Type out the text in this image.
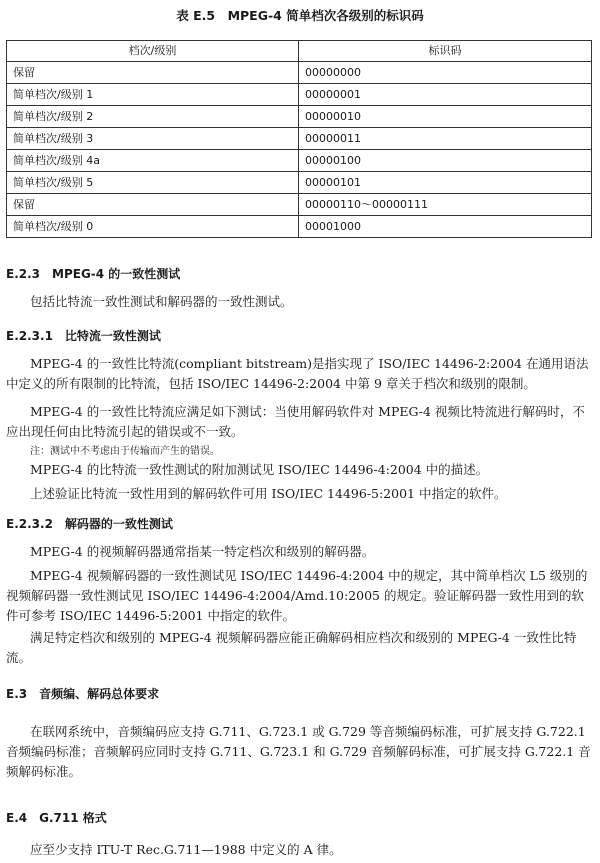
表 E.5　MPEG-4 简单档次各级别的标识码
档次/级别	标识码
保留	00000000
简单档次/级别 1	00000001
简单档次/级别 2	00000010
简单档次/级别 3	00000011
简单档次/级别 4a	00000100
简单档次/级别 5	00000101
保留	00000110～00000111
简单档次/级别 0	00001000
E.2.3　MPEG-4 的一致性测试
包括比特流一致性测试和解码器的一致性测试。
E.2.3.1　比特流一致性测试
MPEG-4 的一致性比特流(compliant bitstream)是指实现了 ISO/IEC 14496-2:2004 在通用语法中定义的所有限制的比特流，包括 ISO/IEC 14496-2:2004 中第 9 章关于档次和级别的限制。
MPEG-4 的一致性比特流应满足如下测试：当使用解码软件对 MPEG-4 视频比特流进行解码时，不应出现任何由比特流引起的错误或不一致。
注：测试中不考虑由于传输而产生的错误。
MPEG-4 的比特流一致性测试的附加测试见 ISO/IEC 14496-4:2004 中的描述。
上述验证比特流一致性用到的解码软件可用 ISO/IEC 14496-5:2001 中指定的软件。
E.2.3.2　解码器的一致性测试
MPEG-4 的视频解码器通常指某一特定档次和级别的解码器。
MPEG-4 视频解码器的一致性测试见 ISO/IEC 14496-4:2004 中的规定，其中简单档次 L5 级别的视频解码器一致性测试见 ISO/IEC 14496-4:2004/Amd.10:2005 的规定。验证解码器一致性用到的软件可参考 ISO/IEC 14496-5:2001 中指定的软件。
满足特定档次和级别的 MPEG-4 视频解码器应能正确解码相应档次和级别的 MPEG-4 一致性比特流。
E.3　音频编、解码总体要求
在联网系统中，音频编码应支持 G.711、G.723.1 或 G.729 等音频编码标准，可扩展支持 G.722.1 音频编码标准；音频解码应同时支持 G.711、G.723.1 和 G.729 音频解码标准，可扩展支持 G.722.1 音频解码标准。
E.4　G.711 格式
应至少支持 ITU-T Rec.G.711—1988 中定义的 A 律。
